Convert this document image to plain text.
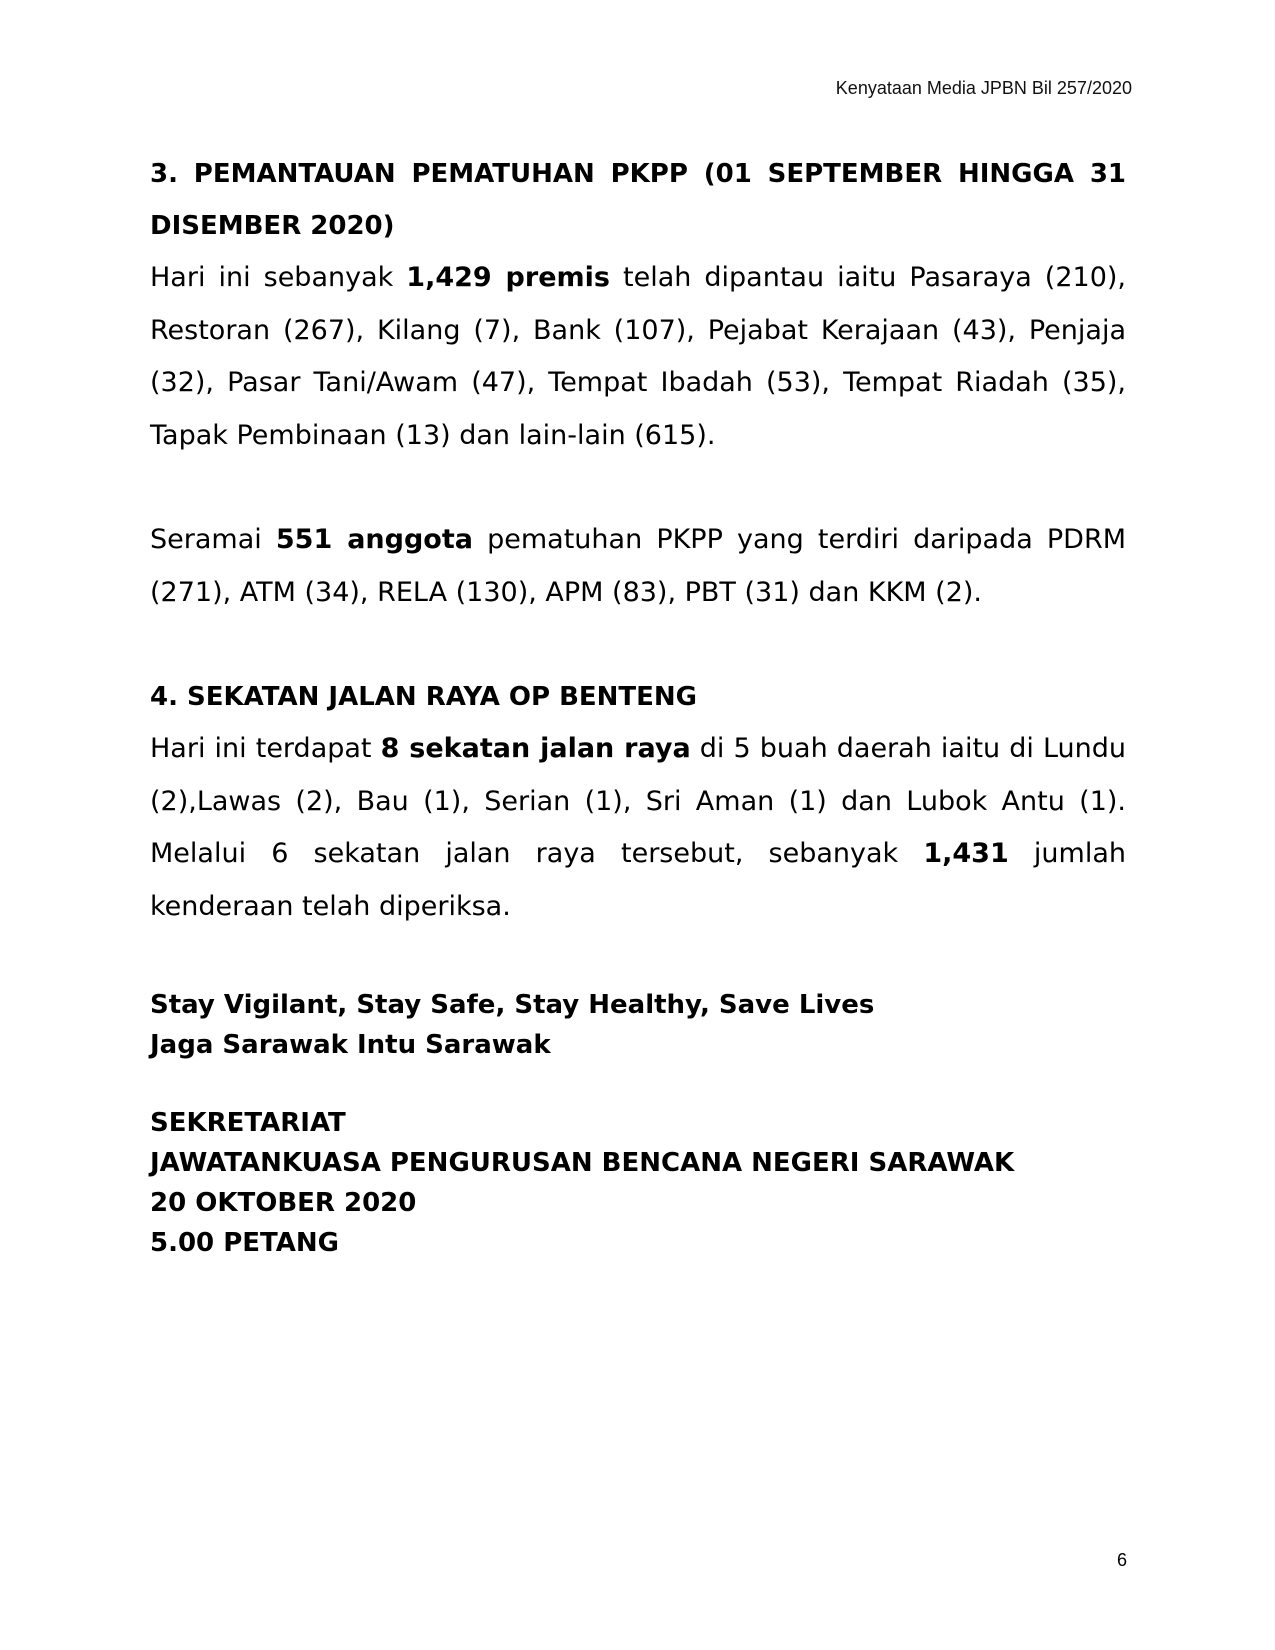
Kenyataan Media JPBN Bil 257/2020
3. PEMANTAUAN PEMATUHAN PKPP (01 SEPTEMBER HINGGA 31 DISEMBER 2020)

Hari ini sebanyak 1,429 premis telah dipantau iaitu Pasaraya (210), Restoran (267), Kilang (7), Bank (107), Pejabat Kerajaan (43), Penjaja (32), Pasar Tani/Awam (47), Tempat Ibadah (53), Tempat Riadah (35), Tapak Pembinaan (13) dan lain-lain (615).

Seramai 551 anggota pematuhan PKPP yang terdiri daripada PDRM (271), ATM (34), RELA (130), APM (83), PBT (31) dan KKM (2).

4. SEKATAN JALAN RAYA OP BENTENG

Hari ini terdapat 8 sekatan jalan raya di 5 buah daerah iaitu di Lundu (2),Lawas (2), Bau (1), Serian (1), Sri Aman (1) dan Lubok Antu (1). Melalui 6 sekatan jalan raya tersebut, sebanyak 1,431 jumlah kenderaan telah diperiksa.

Stay Vigilant, Stay Safe, Stay Healthy, Save Lives

Jaga Sarawak Intu Sarawak

SEKRETARIAT

JAWATANKUASA PENGURUSAN BENCANA NEGERI SARAWAK

20 OKTOBER 2020

5.00 PETANG

6
